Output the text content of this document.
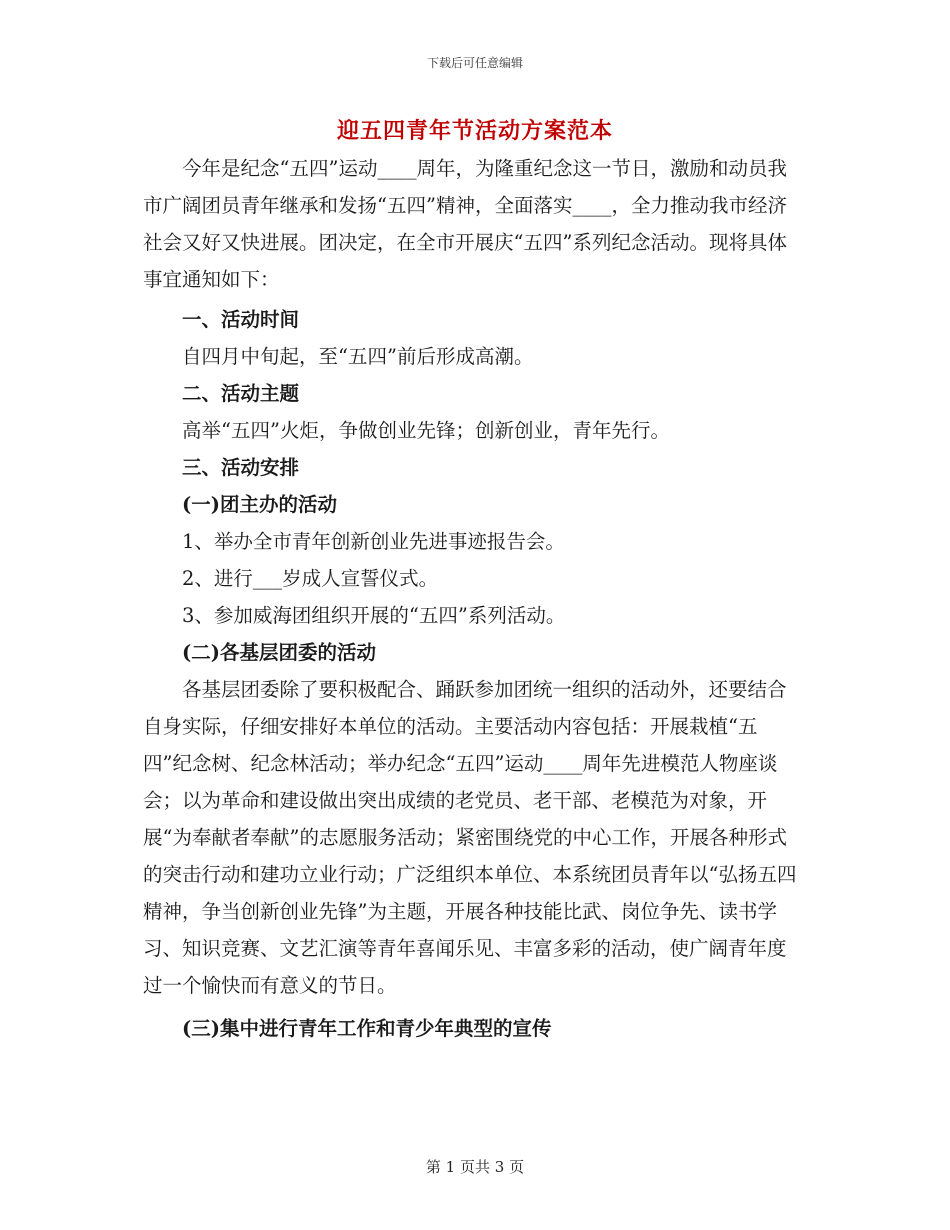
下载后可任意编辑
迎五四青年节活动方案范本

今年是纪念“五四”运动____周年，为隆重纪念这一节日，激励和动员我市广阔团员青年继承和发扬“五四”精神，全面落实____，全力推动我市经济社会又好又快进展。团决定，在全市开展庆“五四”系列纪念活动。现将具体事宜通知如下：

一、活动时间

自四月中旬起，至“五四”前后形成高潮。

二、活动主题

高举“五四”火炬，争做创业先锋；创新创业，青年先行。

三、活动安排

(一)团主办的活动

1、举办全市青年创新创业先进事迹报告会。

2、进行___岁成人宣誓仪式。

3、参加威海团组织开展的“五四”系列活动。

(二)各基层团委的活动

各基层团委除了要积极配合、踊跃参加团统一组织的活动外，还要结合自身实际，仔细安排好本单位的活动。主要活动内容包括：开展栽植“五四”纪念树、纪念林活动；举办纪念“五四”运动____周年先进模范人物座谈会；以为革命和建设做出突出成绩的老党员、老干部、老模范为对象，开展“为奉献者奉献”的志愿服务活动；紧密围绕党的中心工作，开展各种形式的突击行动和建功立业行动；广泛组织本单位、本系统团员青年以“弘扬五四精神，争当创新创业先锋”为主题，开展各种技能比武、岗位争先、读书学习、知识竞赛、文艺汇演等青年喜闻乐见、丰富多彩的活动，使广阔青年度过一个愉快而有意义的节日。

(三)集中进行青年工作和青少年典型的宣传

第 1 页共 3 页
